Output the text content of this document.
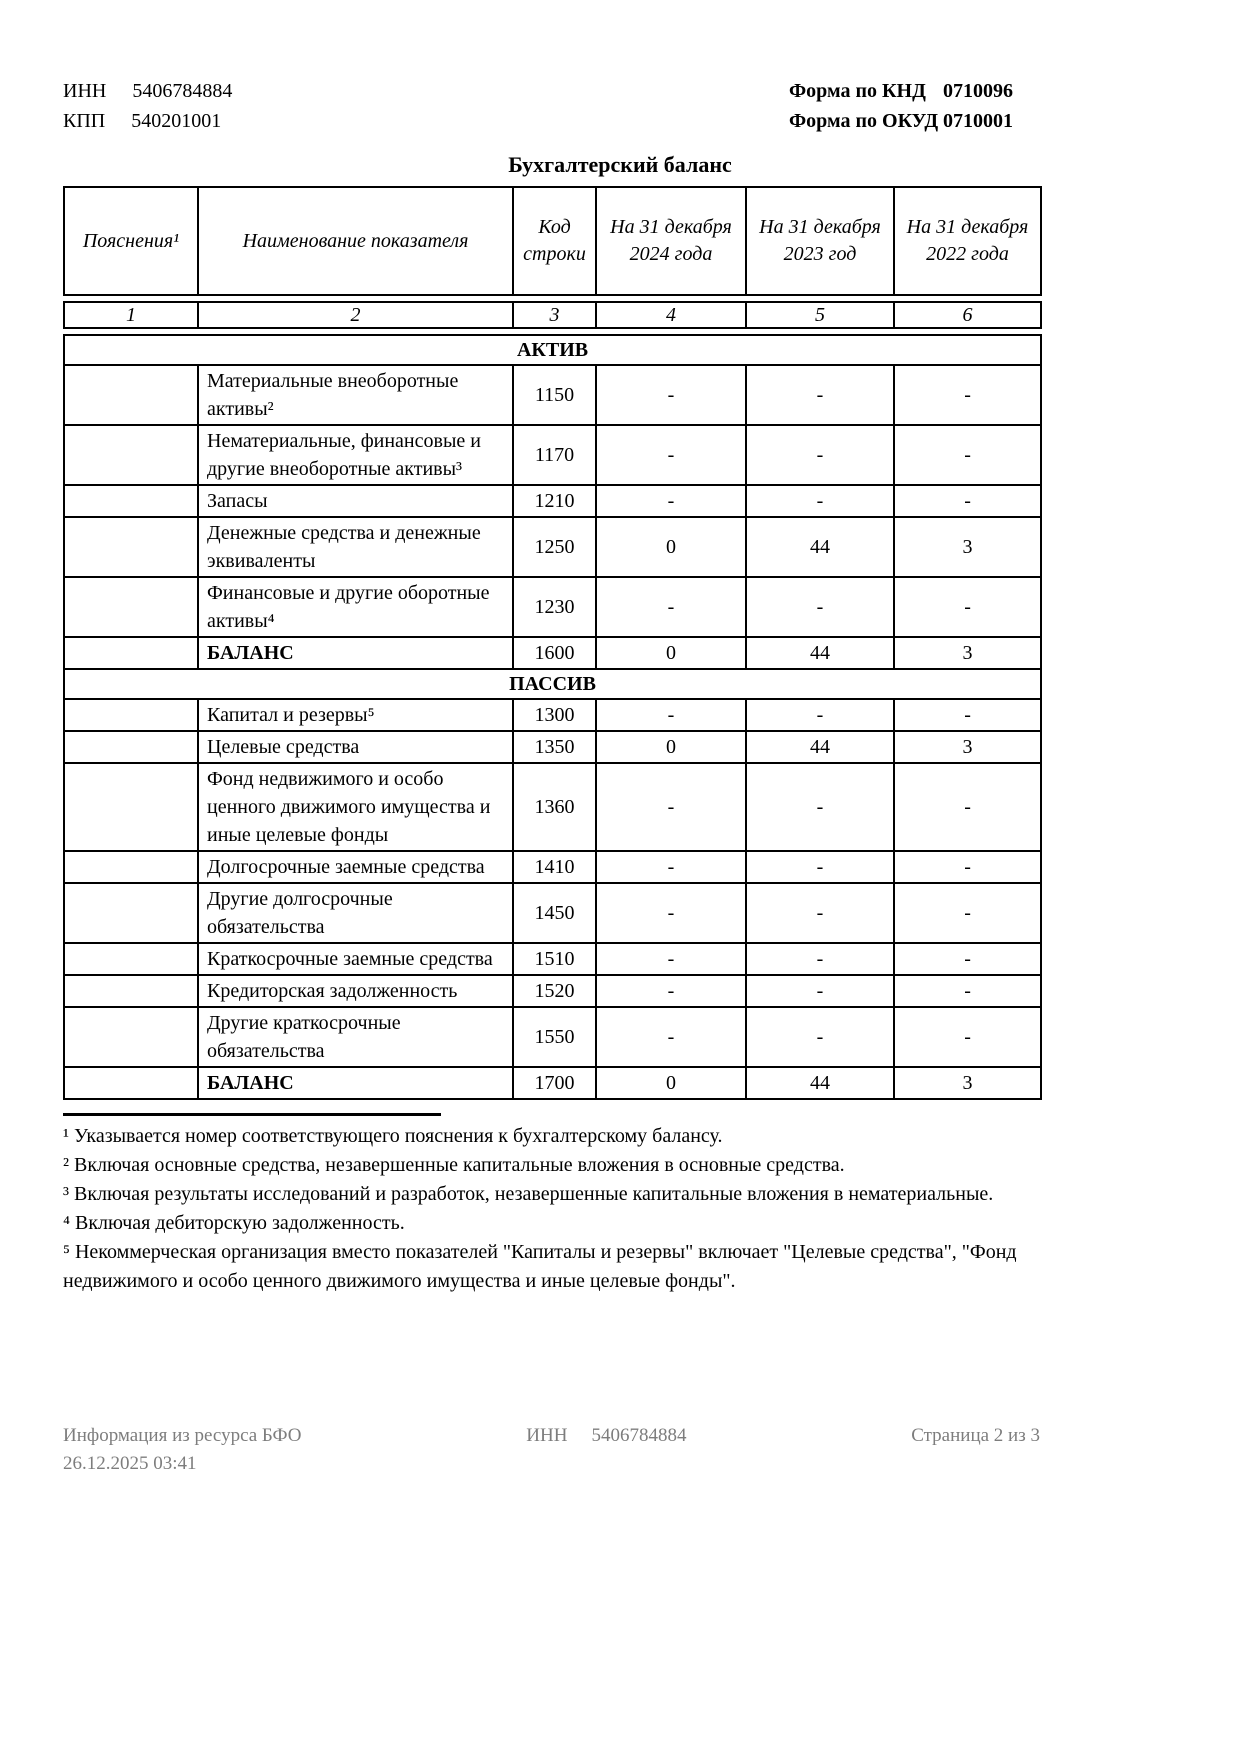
ИНН 5406784884
КПП 540201001
Форма по КНД 0710096
Форма по ОКУД 0710001
Бухгалтерский баланс
Пояснения¹	Наименование показателя	Код строки	На 31 декабря 2024 года	На 31 декабря 2023 год	На 31 декабря 2022 года
1	2	3	4	5	6
АКТИВ					
	Материальные внеоборотные активы²	1150	-	-	-
	Нематериальные, финансовые и другие внеоборотные активы³	1170	-	-	-
	Запасы	1210	-	-	-
	Денежные средства и денежные эквиваленты	1250	0	44	3
	Финансовые и другие оборотные активы⁴	1230	-	-	-
	БАЛАНС	1600	0	44	3
ПАССИВ					
	Капитал и резервы⁵	1300	-	-	-
	Целевые средства	1350	0	44	3
	Фонд недвижимого и особо ценного движимого имущества и иные целевые фонды	1360	-	-	-
	Долгосрочные заемные средства	1410	-	-	-
	Другие долгосрочные обязательства	1450	-	-	-
	Краткосрочные заемные средства	1510	-	-	-
	Кредиторская задолженность	1520	-	-	-
	Другие краткосрочные обязательства	1550	-	-	-
	БАЛАНС	1700	0	44	3
¹ Указывается номер соответствующего пояснения к бухгалтерскому балансу.
² Включая основные средства, незавершенные капитальные вложения в основные средства.
³ Включая результаты исследований и разработок, незавершенные капитальные вложения в нематериальные.
⁴ Включая дебиторскую задолженность.
⁵ Некоммерческая организация вместо показателей "Капиталы и резервы" включает "Целевые средства", "Фонд недвижимого и особо ценного движимого имущества и иные целевые фонды".
Информация из ресурса БФО
26.12.2025 03:41
ИНН 5406784884	Страница 2 из 3
